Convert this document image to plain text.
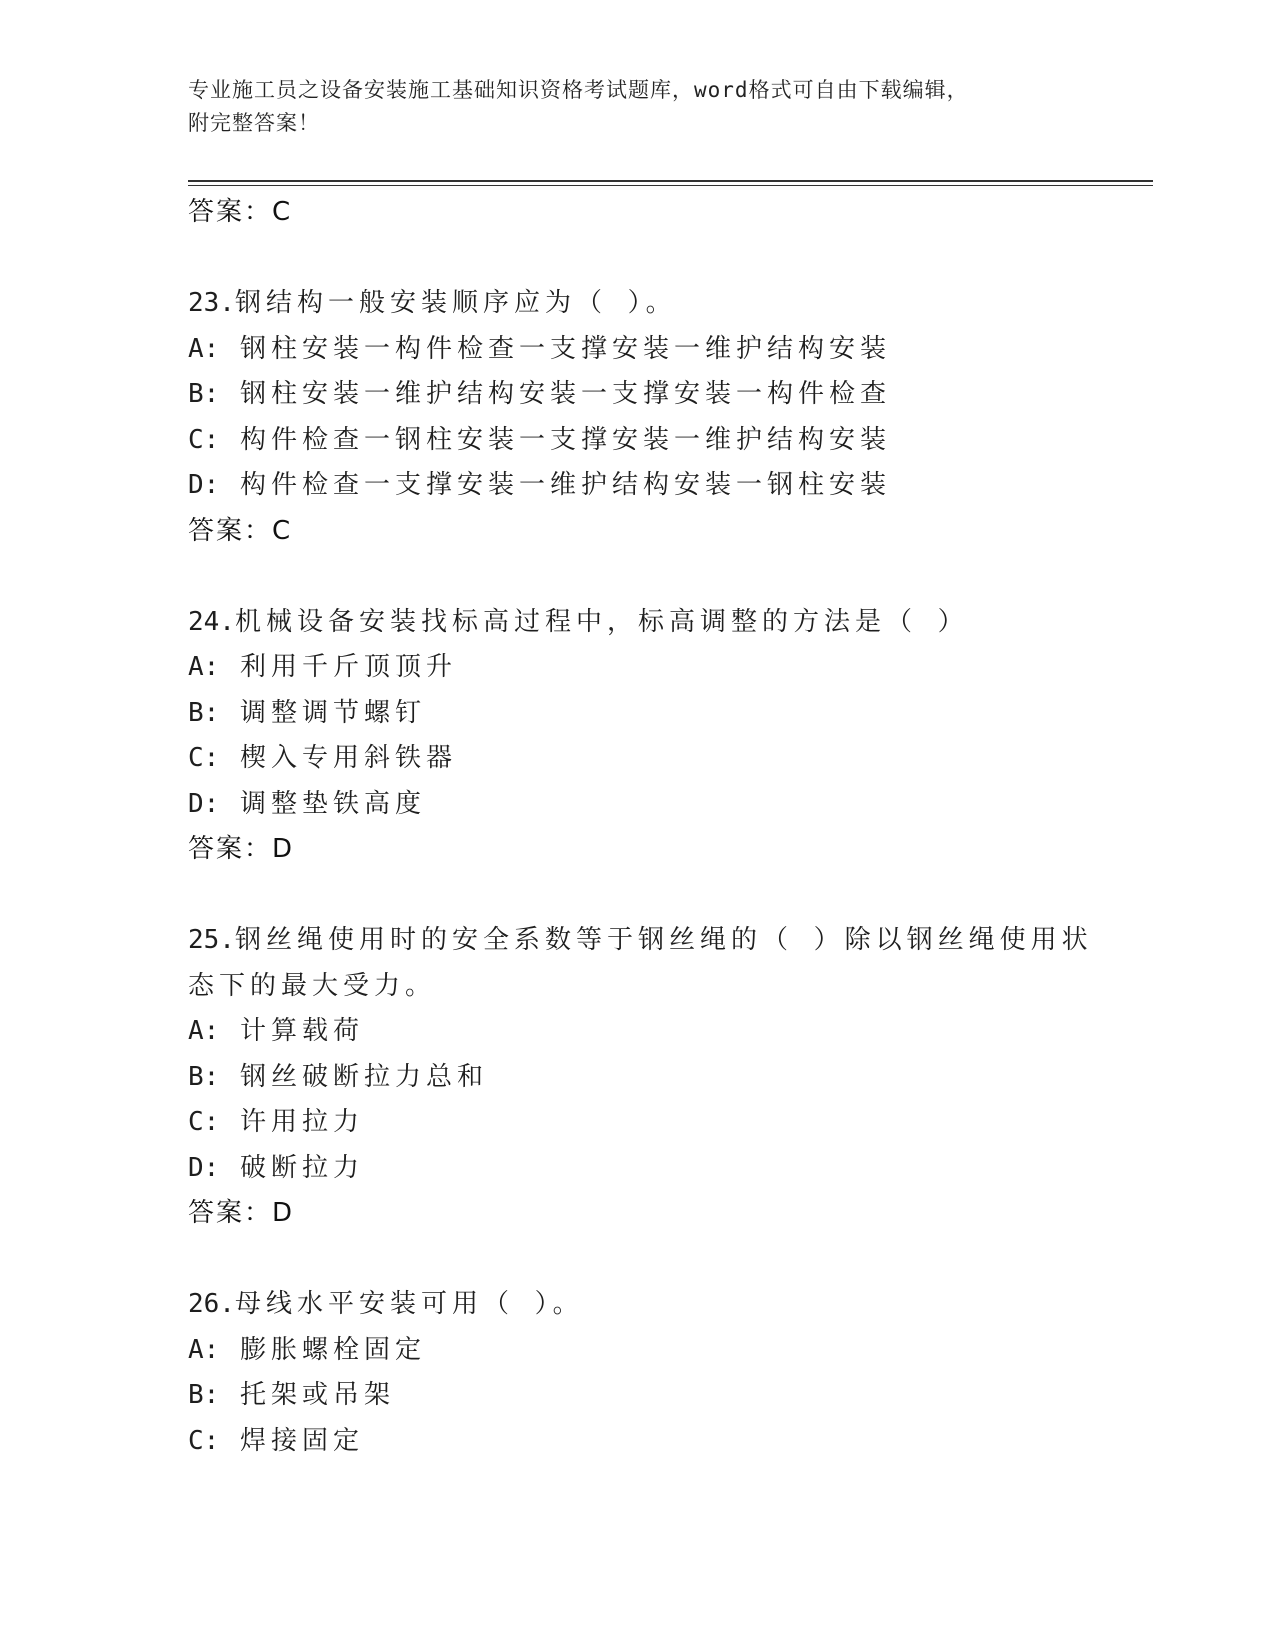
专业施工员之设备安装施工基础知识资格考试题库，word格式可自由下载编辑，
附完整答案！
答案：C
23.钢结构一般安装顺序应为（ ）。
A: 钢柱安装一构件检查一支撑安装一维护结构安装
B: 钢柱安装一维护结构安装一支撑安装一构件检查
C: 构件检查一钢柱安装一支撑安装一维护结构安装
D: 构件检查一支撑安装一维护结构安装一钢柱安装
答案：C
24.机械设备安装找标高过程中，标高调整的方法是（ ）
A: 利用千斤顶顶升
B: 调整调节螺钉
C: 楔入专用斜铁器
D: 调整垫铁高度
答案：D
25.钢丝绳使用时的安全系数等于钢丝绳的（ ）除以钢丝绳使用状态下的最大受力。
A: 计算载荷
B: 钢丝破断拉力总和
C: 许用拉力
D: 破断拉力
答案：D
26.母线水平安装可用（ ）。
A: 膨胀螺栓固定
B: 托架或吊架
C: 焊接固定
